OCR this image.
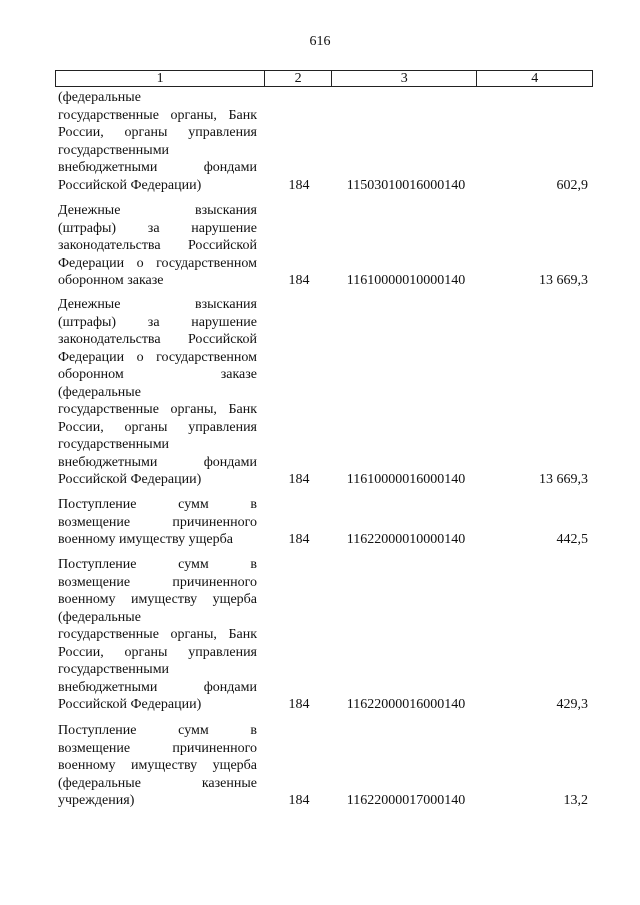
616
1	2	3	4
(федеральные
государственные органы, Банк
России, органы управления
государственными
внебюджетными фондами
Российской Федерации)	184	11503010016000140	602,9
Денежные взыскания
(штрафы) за нарушение
законодательства Российской
Федерации о государственном
оборонном заказе	184	11610000010000140	13 669,3
Денежные взыскания
(штрафы) за нарушение
законодательства Российской
Федерации о государственном
оборонном заказе
(федеральные
государственные органы, Банк
России, органы управления
государственными
внебюджетными фондами
Российской Федерации)	184	11610000016000140	13 669,3
Поступление сумм в
возмещение причиненного
военному имуществу ущерба	184	11622000010000140	442,5
Поступление сумм в
возмещение причиненного
военному имуществу ущерба
(федеральные
государственные органы, Банк
России, органы управления
государственными
внебюджетными фондами
Российской Федерации)	184	11622000016000140	429,3
Поступление сумм в
возмещение причиненного
военному имуществу ущерба
(федеральные казенные
учреждения)	184	11622000017000140	13,2
